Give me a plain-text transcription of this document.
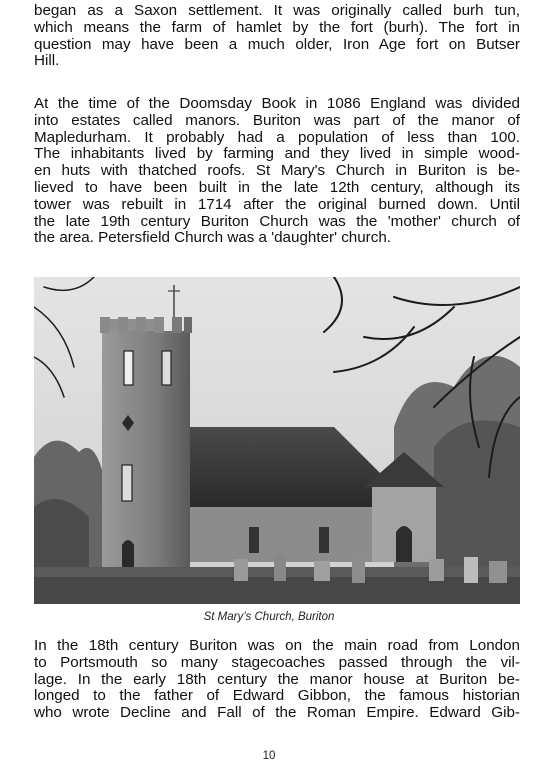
began as a Saxon settlement. It was originally called burh tun,
which means the farm of hamlet by the fort (burh). The fort in
question may have been a much older, Iron Age fort on Butser
Hill.

At the time of the Doomsday Book in 1086 England was divided
into estates called manors. Buriton was part of the manor of
Mapledurham. It probably had a population of less than 100.
The inhabitants lived by farming and they lived in simple wood-
en huts with thatched roofs. St Mary's Church in Buriton is be-
lieved to have been built in the late 12th century, although its
tower was rebuilt in 1714 after the original burned down. Until
the late 19th century Buriton Church was the 'mother' church of
the area. Petersfield Church was a 'daughter' church.

St Mary’s Church, Buriton

In the 18th century Buriton was on the main road from London
to Portsmouth so many stagecoaches passed through the vil-
lage. In the early 18th century the manor house at Buriton be-
longed to the father of Edward Gibbon, the famous historian
who wrote Decline and Fall of the Roman Empire. Edward Gib-

10
